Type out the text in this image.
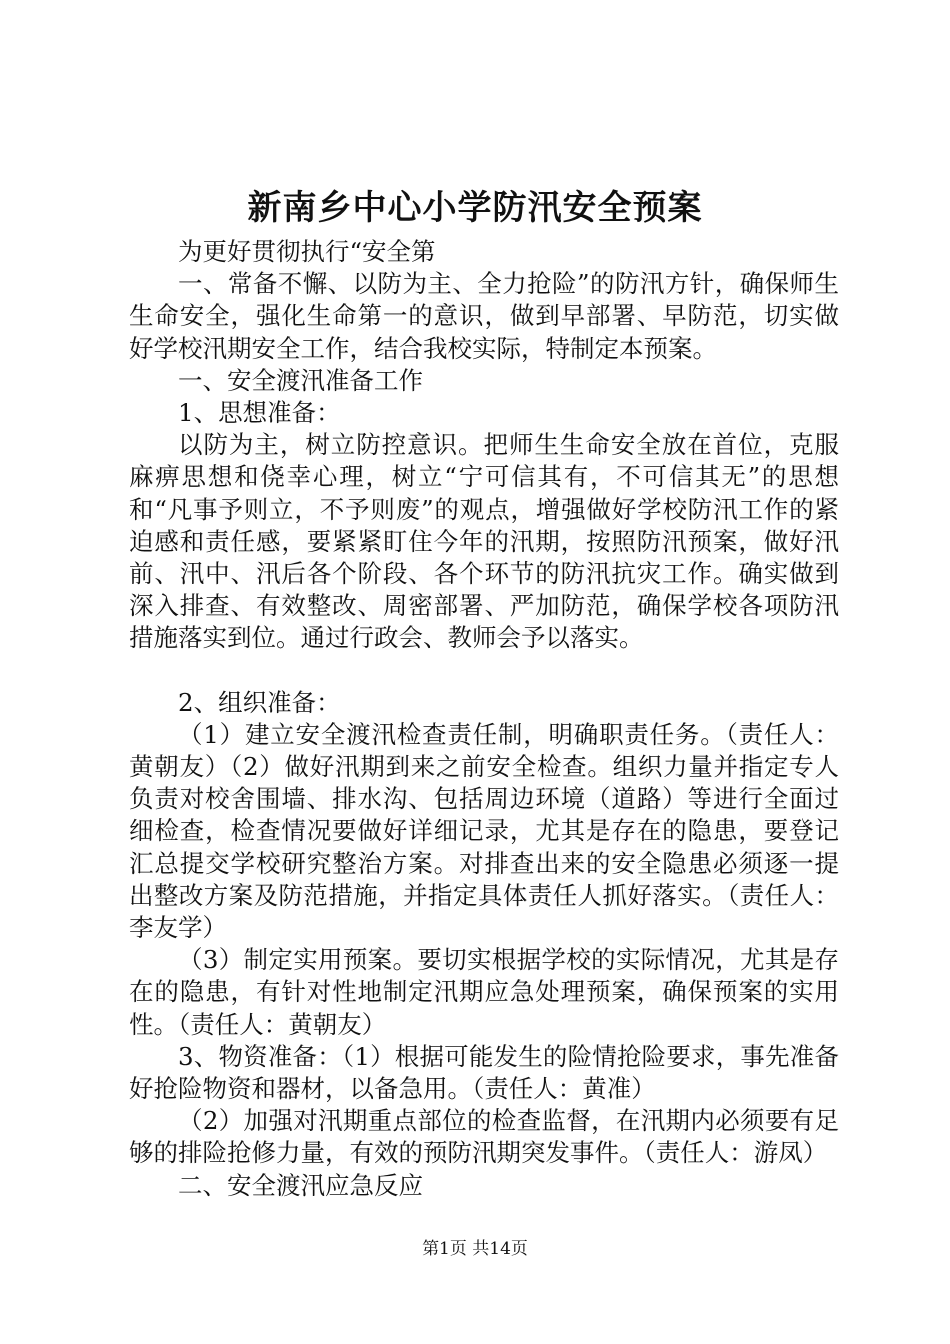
新南乡中心小学防汛安全预案

为更好贯彻执行“安全第

一、常备不懈、以防为主、全力抢险”的防汛方针，确保师生生命安全，强化生命第一的意识，做到早部署、早防范，切实做好学校汛期安全工作，结合我校实际，特制定本预案。

一、安全渡汛准备工作

1、思想准备：

以防为主，树立防控意识。把师生生命安全放在首位，克服麻痹思想和侥幸心理，树立“宁可信其有，不可信其无”的思想和“凡事予则立，不予则废”的观点，增强做好学校防汛工作的紧迫感和责任感，要紧紧盯住今年的汛期，按照防汛预案，做好汛前、汛中、汛后各个阶段、各个环节的防汛抗灾工作。确实做到深入排查、有效整改、周密部署、严加防范，确保学校各项防汛措施落实到位。通过行政会、教师会予以落实。

2、组织准备：

（1）建立安全渡汛检查责任制，明确职责任务。（责任人：黄朝友）（2）做好汛期到来之前安全检查。组织力量并指定专人负责对校舍围墙、排水沟、包括周边环境（道路）等进行全面过细检查，检查情况要做好详细记录，尤其是存在的隐患，要登记汇总提交学校研究整治方案。对排查出来的安全隐患必须逐一提出整改方案及防范措施，并指定具体责任人抓好落实。（责任人：李友学）

（3）制定实用预案。要切实根据学校的实际情况，尤其是存在的隐患，有针对性地制定汛期应急处理预案，确保预案的实用性。（责任人：黄朝友）

3、物资准备：（1）根据可能发生的险情抢险要求，事先准备好抢险物资和器材，以备急用。（责任人：黄准）

（2）加强对汛期重点部位的检查监督，在汛期内必须要有足够的排险抢修力量，有效的预防汛期突发事件。（责任人：游凤）

二、安全渡汛应急反应

第1页 共14页
